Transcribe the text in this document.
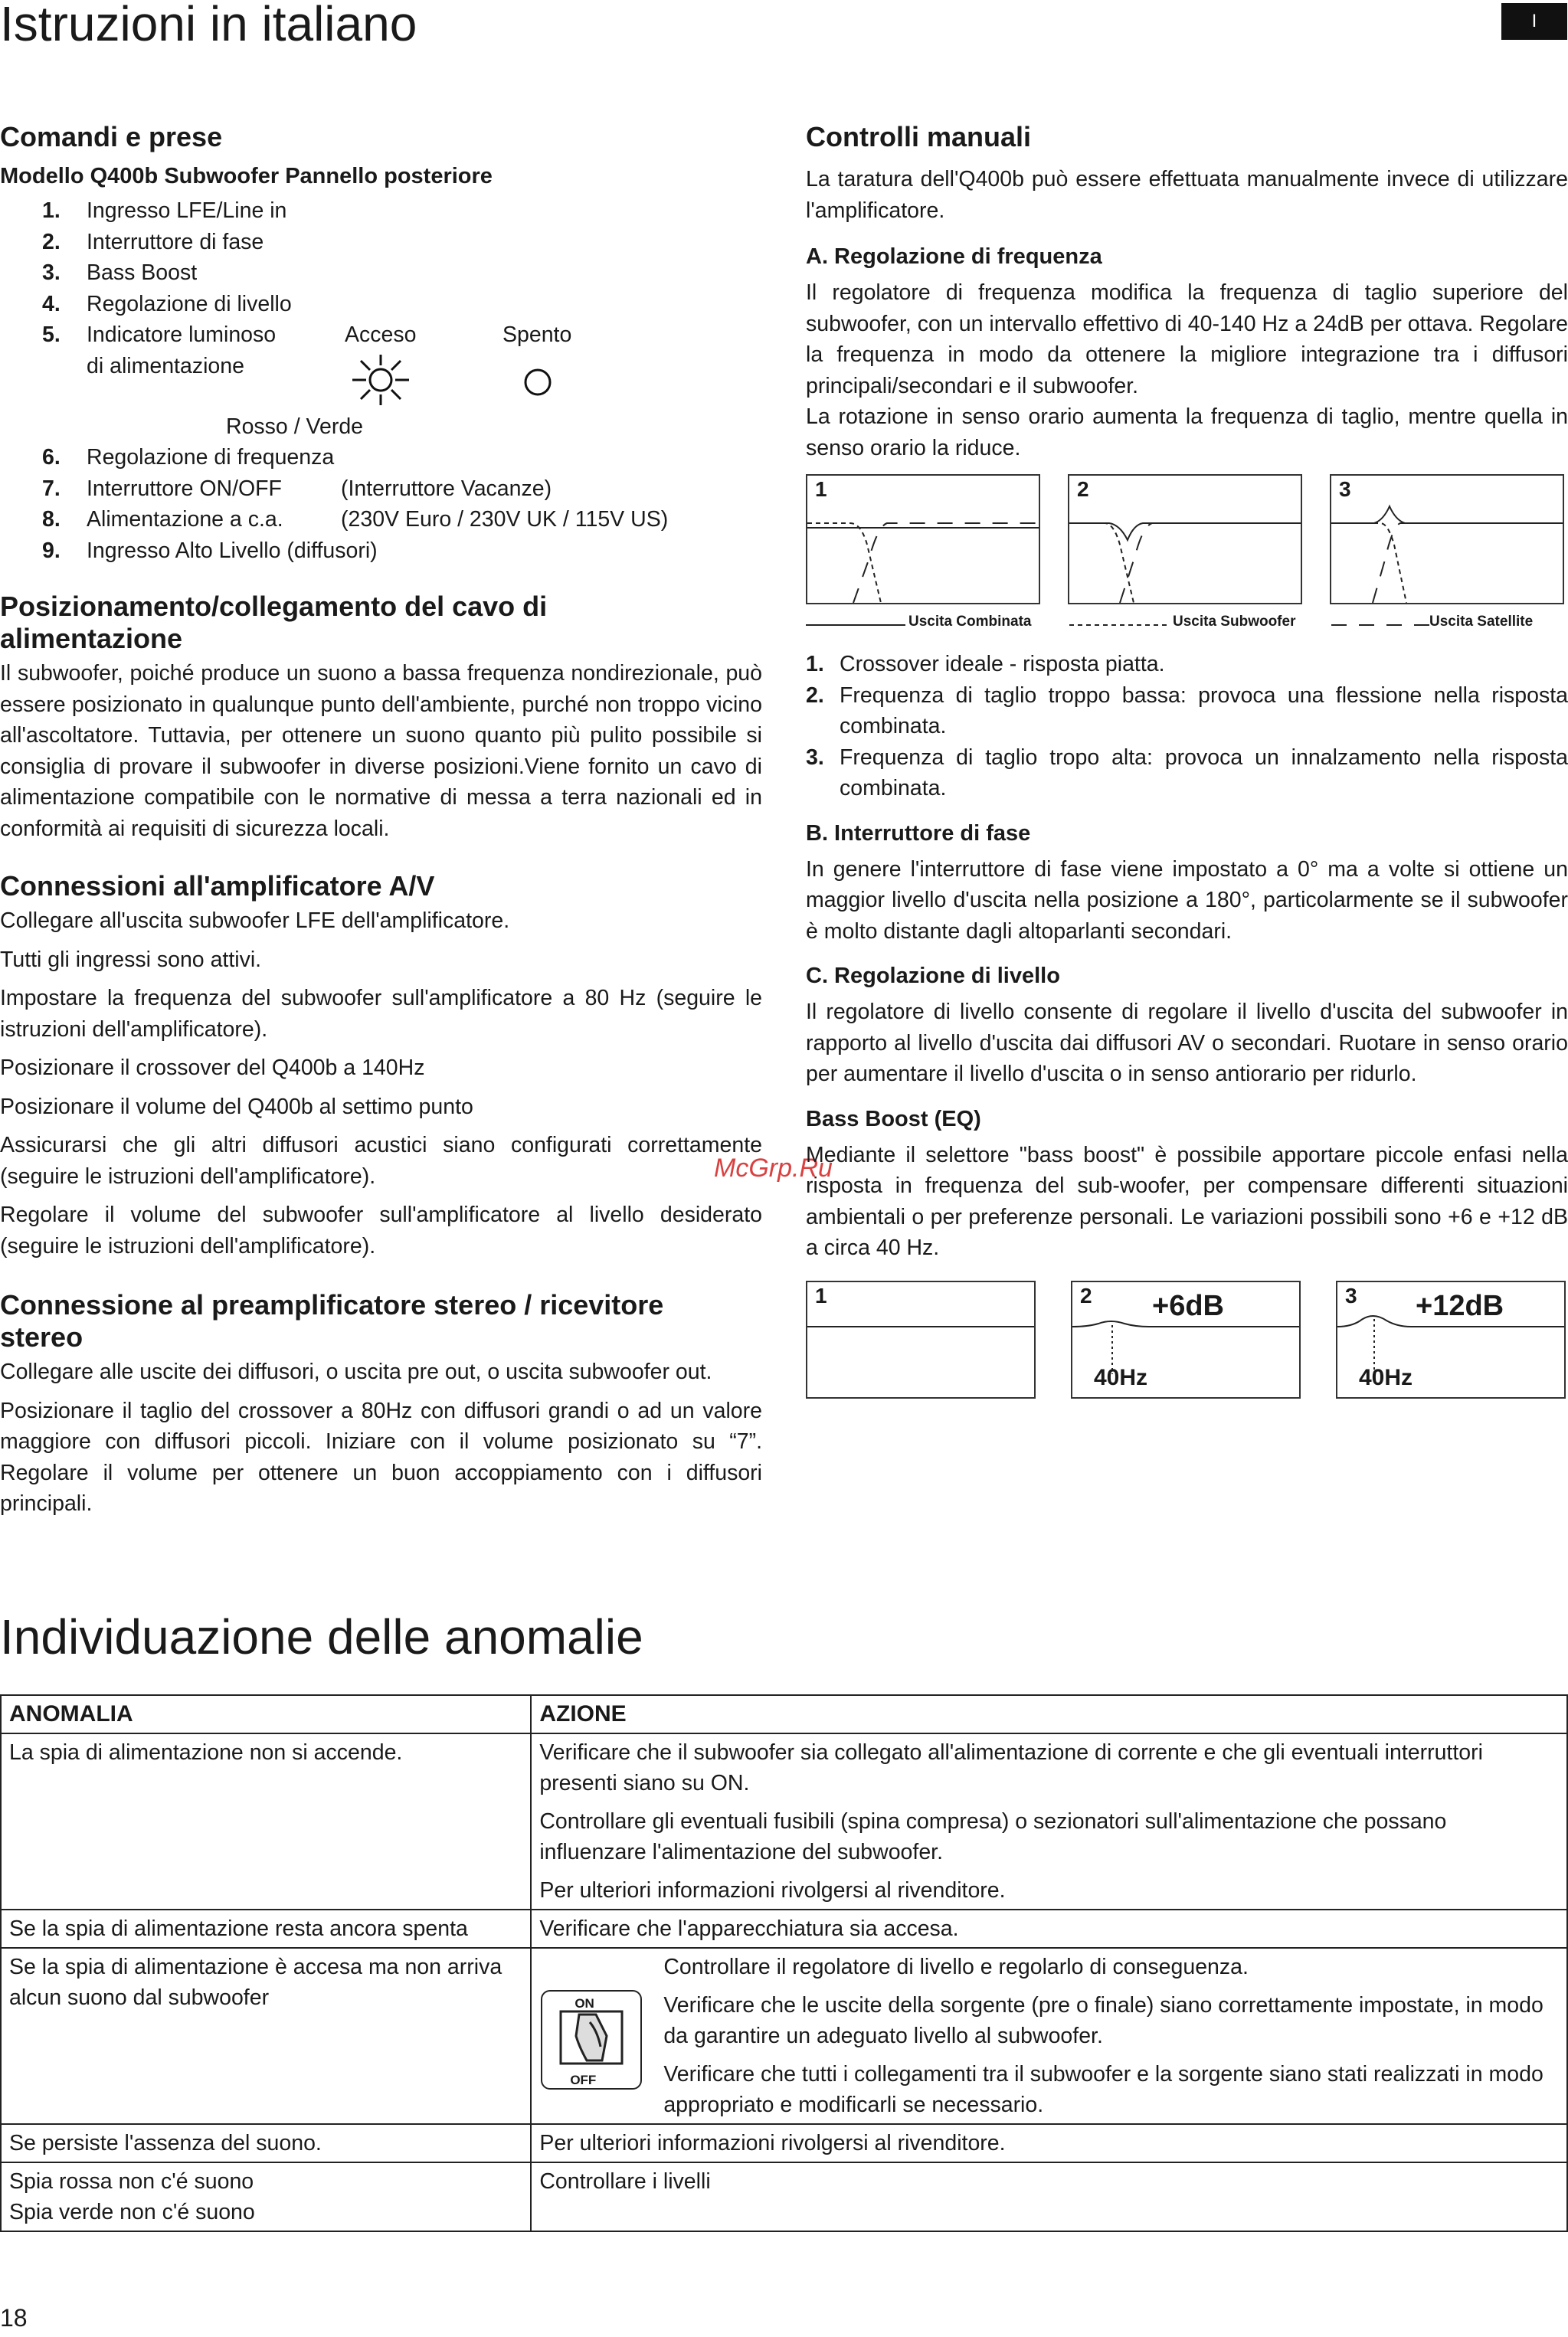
Istruzioni in italiano	I
Comandi e prese
Modello Q400b Subwoofer Pannello posteriore
1. Ingresso LFE/Line in
2. Interruttore di fase
3. Bass Boost
4. Regolazione di livello
5. Indicatore luminoso
di alimentazione
Acceso	Spento
Rosso / Verde
6. Regolazione di frequenza
7. Interruttore ON/OFF	(Interruttore Vacanze)
8. Alimentazione a c.a.	(230V Euro / 230V UK / 115V US)
9. Ingresso Alto Livello (diffusori)
Posizionamento/collegamento del cavo di
alimentazione

Il subwoofer, poiché produce un suono a bassa frequenza nondirezionale, può essere posizionato in qualunque punto dell'ambiente, purché non troppo vicino all'ascoltatore. Tuttavia, per ottenere un suono quanto più pulito possibile si consiglia di provare il subwoofer in diverse posizioni.Viene fornito un cavo di alimentazione compatibile con le normative di messa a terra nazionali ed in conformità ai requisiti di sicurezza locali.

Connessioni all'amplificatore A/V

Collegare all'uscita subwoofer LFE dell'amplificatore.

Tutti gli ingressi sono attivi.

Impostare la frequenza del subwoofer sull'amplificatore a 80 Hz (seguire le istruzioni dell'amplificatore).

Posizionare il crossover del Q400b a 140Hz

Posizionare il volume del Q400b al settimo punto

Assicurarsi che gli altri diffusori acustici siano configurati correttamente (seguire le istruzioni dell'amplificatore).

Regolare il volume del subwoofer sull'amplificatore al livello desiderato (seguire le istruzioni dell'amplificatore).

Connessione al preamplificatore stereo / ricevitore
stereo

Collegare alle uscite dei diffusori, o uscita pre out, o uscita subwoofer out.

Posizionare il taglio del crossover a 80Hz con diffusori grandi o ad un valore maggiore con diffusori piccoli. Iniziare con il volume posizionato su “7”. Regolare il volume per ottenere un buon accoppiamento con i diffusori principali.

McGrp.Ru
Controlli manuali

La taratura dell'Q400b può essere effettuata manualmente invece di utilizzare l'amplificatore.

A. Regolazione di frequenza

Il regolatore di frequenza modifica la frequenza di taglio superiore del subwoofer, con un intervallo effettivo di 40-140 Hz a 24dB per ottava. Regolare la frequenza in modo da ottenere la migliore integrazione tra i diffusori principali/secondari e il subwoofer.

La rotazione in senso orario aumenta la frequenza di taglio, mentre quella in senso orario la riduce.

1	2	3
Uscita Combinata	Uscita Subwoofer	Uscita Satellite
1. Crossover ideale - risposta piatta.
2. Frequenza di taglio troppo bassa: provoca una flessione nella risposta combinata.
3. Frequenza di taglio tropo alta: provoca un innalzamento nella risposta combinata.
B. Interruttore di fase

In genere l'interruttore di fase viene impostato a 0° ma a volte si ottiene un maggior livello d'uscita nella posizione a 180°, particolarmente se il subwoofer è molto distante dagli altoparlanti secondari.

C. Regolazione di livello

Il regolatore di livello consente di regolare il livello d'uscita del subwoofer in rapporto al livello d'uscita dai diffusori AV o secondari. Ruotare in senso orario per aumentare il livello d'uscita o in senso antiorario per ridurlo.

Bass Boost (EQ)

Mediante il selettore "bass boost" è possibile apportare piccole enfasi nella risposta in frequenza del sub-woofer, per compensare differenti situazioni ambientali o per preferenze personali. Le variazioni possibili sono +6 e +12 dB a circa 40 Hz.

1	2 +6dB
40Hz
3 +12dB
40Hz
Individuazione delle anomalie
ANOMALIA	AZIONE

La spia di alimentazione non si accende.	Verificare che il subwoofer sia collegato all'alimentazione di corrente e che gli eventuali interruttori presenti siano su ON.
Controllare gli eventuali fusibili (spina compresa) o sezionatori sull'alimentazione che possano influenzare l'alimentazione del subwoofer.
Per ulteriori informazioni rivolgersi al rivenditore.

Se la spia di alimentazione resta ancora spenta	Verificare che l'apparecchiatura sia accesa.

Se la spia di alimentazione è accesa ma non arriva alcun suono dal subwoofer	ON
OFF
Controllare il regolatore di livello e regolarlo di conseguenza.
Verificare che le uscite della sorgente (pre o finale) siano correttamente impostate, in modo da garantire un adeguato livello al subwoofer.
Verificare che tutti i collegamenti tra il subwoofer e la sorgente siano stati realizzati in modo appropriato e modificarli se necessario.

Se persiste l'assenza del suono.	Per ulteriori informazioni rivolgersi al rivenditore.

Spia rossa non c'é suono
Spia verde non c'é suono	Controllare i livelli
18
